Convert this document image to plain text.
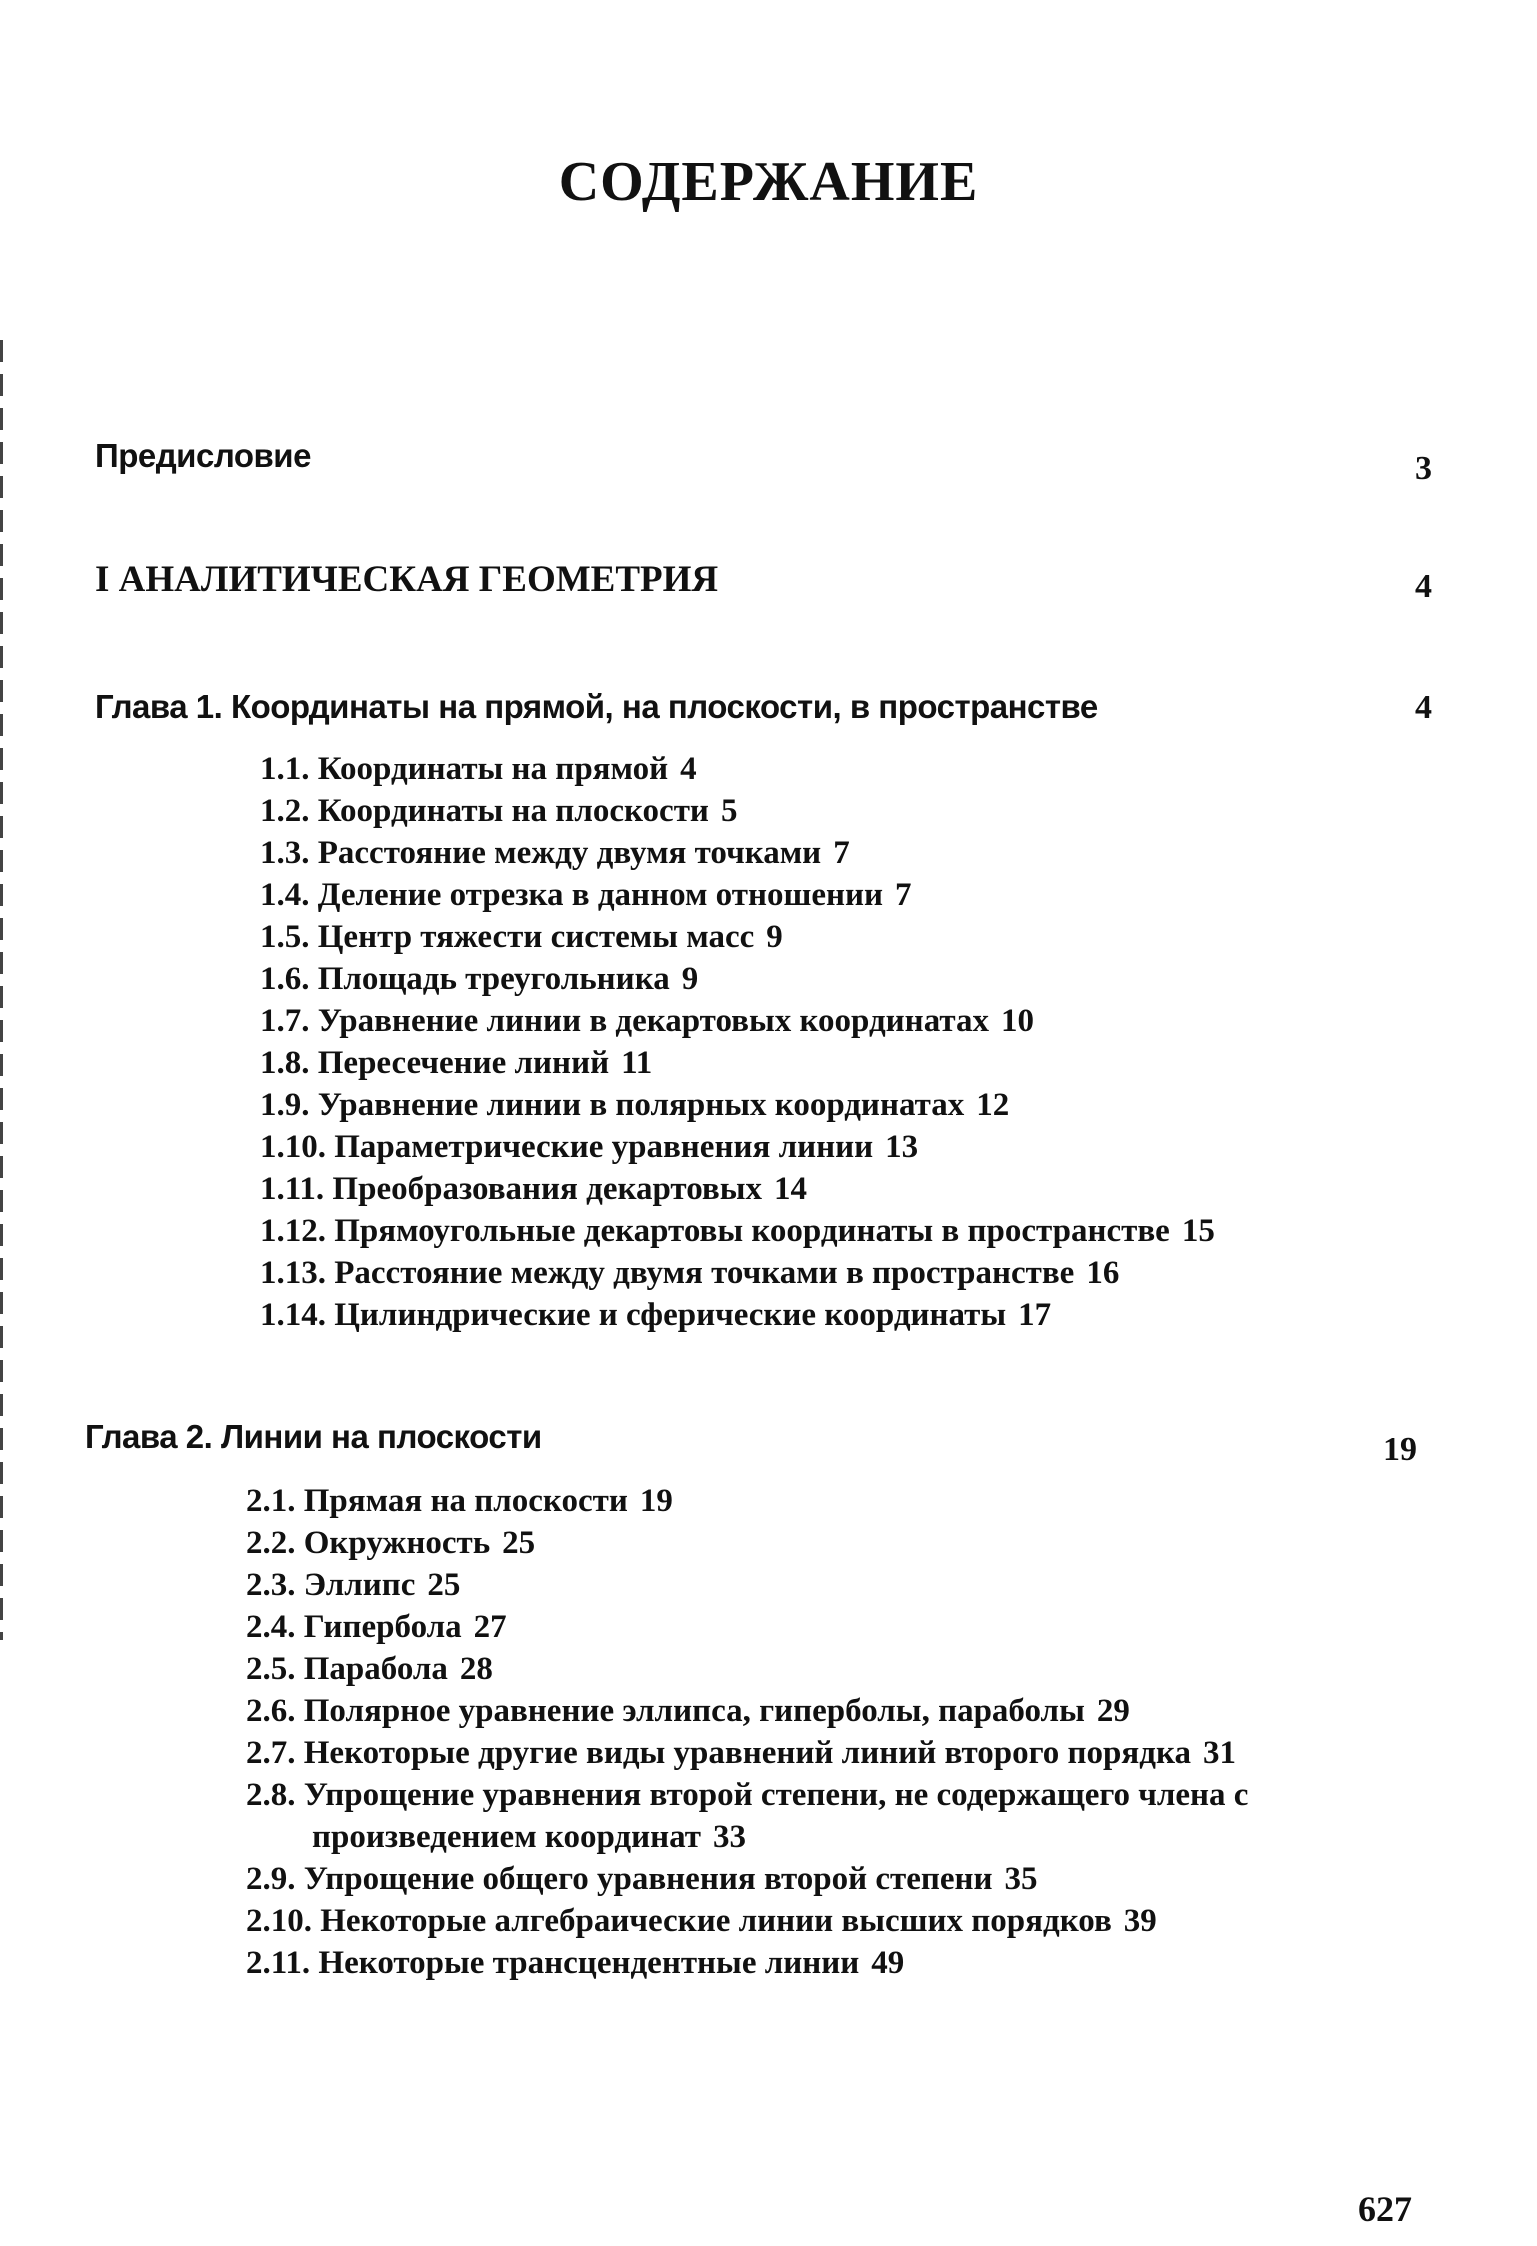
СОДЕРЖАНИЕ
Предисловие	3
I АНАЛИТИЧЕСКАЯ ГЕОМЕТРИЯ	4
Глава 1. Координаты на прямой, на плоскости, в пространстве	4
1.1. Координаты на прямой 4
1.2. Координаты на плоскости 5
1.3. Расстояние между двумя точками 7
1.4. Деление отрезка в данном отношении 7
1.5. Центр тяжести системы масс 9
1.6. Площадь треугольника 9
1.7. Уравнение линии в декартовых координатах 10
1.8. Пересечение линий 11
1.9. Уравнение линии в полярных координатах 12
1.10. Параметрические уравнения линии 13
1.11. Преобразования декартовых 14
1.12. Прямоугольные декартовы координаты в пространстве 15
1.13. Расстояние между двумя точками в пространстве 16
1.14. Цилиндрические и сферические координаты 17
Глава 2. Линии на плоскости	19
2.1. Прямая на плоскости 19
2.2. Окружность 25
2.3. Эллипс 25
2.4. Гипербола 27
2.5. Парабола 28
2.6. Полярное уравнение эллипса, гиперболы, параболы 29
2.7. Некоторые другие виды уравнений линий второго порядка 31
2.8. Упрощение уравнения второй степени, не содержащего члена с произведением координат 33
2.9. Упрощение общего уравнения второй степени 35
2.10. Некоторые алгебраические линии высших порядков 39
2.11. Некоторые трансцендентные линии 49
627
